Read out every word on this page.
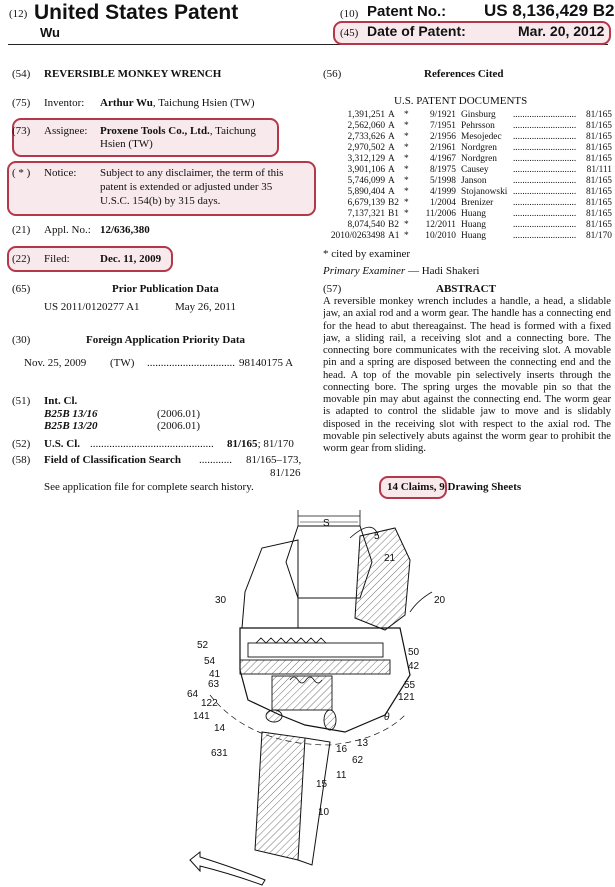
(12) United States Patent
Wu
(10) Patent No.: US 8,136,429 B2
(45) Date of Patent:	Mar. 20, 2012
(54) REVERSIBLE MONKEY WRENCH
(75) Inventor: Arthur Wu, Taichung Hsien (TW)
(73) Assignee: Proxene Tools Co., Ltd., Taichung
Hsien (TW)
( * ) Notice: Subject to any disclaimer, the term of this
patent is extended or adjusted under 35
U.S.C. 154(b) by 315 days.
(21) Appl. No.: 12/636,380
(22) Filed:	Dec. 11, 2009
(65)	Prior Publication Data
US 2011/0120277 A1	May 26, 2011
(30)	Foreign Application Priority Data
Nov. 25, 2009 (TW) ................................ 98140175 A
(51) Int. Cl.
B25B 13/16	(2006.01)
B25B 13/20	(2006.01)
(52) U.S. Cl. ............................................. 81/165; 81/170
(58) Field of Classification Search ............ 81/165–173,
81/126
See application file for complete search history.
(56)	References Cited
U.S. PATENT DOCUMENTS
1,391,251	A	*	9/1921	Ginsburg	...........................	81/165
2,562,060	A	*	7/1951	Pehrsson	...........................	81/165
2,733,626	A	*	2/1956	Mesojedec	...........................	81/165
2,970,502	A	*	2/1961	Nordgren	...........................	81/165
3,312,129	A	*	4/1967	Nordgren	...........................	81/165
3,901,106	A	*	8/1975	Causey	...........................	81/111
5,746,099	A	*	5/1998	Janson	...........................	81/165
5,890,404	A	*	4/1999	Stojanowski	...........................	81/165
6,679,139	B2	*	1/2004	Brenizer	...........................	81/165
7,137,321	B1	*	11/2006	Huang	...........................	81/165
8,074,540	B2	*	12/2011	Huang	...........................	81/165
2010/0263498	A1	*	10/2010	Huang	...........................	81/170
* cited by examiner
Primary Examiner — Hadi Shakeri
(57)	ABSTRACT
A reversible monkey wrench includes a handle, a head, a slidable jaw, an axial rod and a worm gear. The handle has a connecting end for the head to abut thereagainst. The head is formed with a fixed jaw, a sliding rail, a receiving slot and a connecting bore. The connecting bore communicates with the receiving slot. A movable pin and a spring are disposed between the connecting end and the head. A top of the movable pin selectively inserts through the connecting bore. The spring urges the movable pin so that the movable pin may abut against the connecting end. The worm gear is adapted to control the slidable jaw to move and is slidably disposed in the receiving slot with respect to the axial rod. The movable pin selectively abuts against the worm gear to prohibit the worm gear from sliding.
14 Claims, 9 Drawing Sheets
S
5
21
30	20
52
50
54	42
41
55
63
121
64
122
θ
141
13
14
16
62
631
11
15
10
